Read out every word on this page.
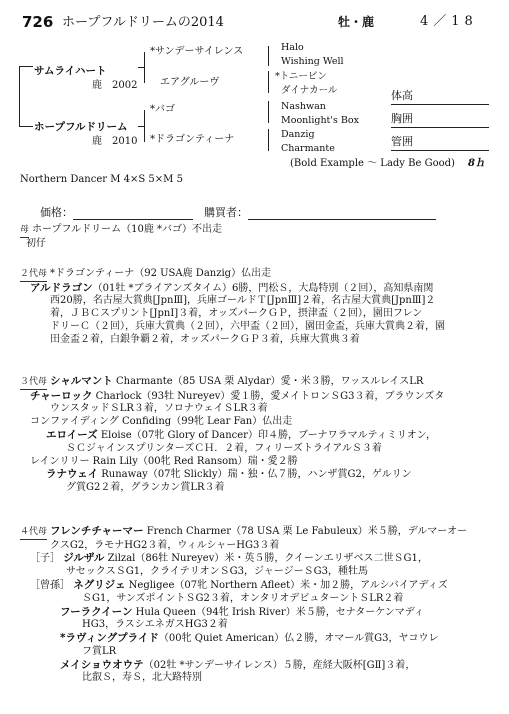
726 ホープフルドリームの2014	牡・鹿	4／18
サムライハート
鹿　2002
ホープフルドリーム
鹿　2010
*サンデーサイレンス
エアグルーヴ
*バゴ
*ドラゴンティーナ
Halo
Wishing Well
*トニービン
ダイナカール
Nashwan
Moonlight's Box
Danzig
Charmante
(Bold Example ～ Lady Be Good) 8ｈ
体高
胸囲
管囲
Northern Dancer M 4×S 5×M 5
価格：	購買者：

母 ホープフルドリーム（10鹿 *バゴ）不出走

初仔

２代母 *ドラゴンティーナ（92 USA鹿 Danzig）仏出走

アルドラゴン（01牡 *ブライアンズタイム）6勝，門松Ｓ，大島特別（２回），高知県南関

西20勝，名古屋大賞典[JpnⅢ]，兵庫ゴールドＴ[JpnⅢ]２着，名古屋大賞典[JpnⅢ]２

着，ＪＢＣスプリント[JpnⅠ]３着，オッズパークＧＰ，摂津盃（２回），園田フレン

ドリーＣ（２回），兵庫大賞典（２回），六甲盃（２回），園田金盃，兵庫大賞典２着，園

田金盃２着，白銀争覇２着，オッズパークＧＰ３着，兵庫大賞典３着

３代母 シャルマント Charmante（85 USA 栗 Alydar）愛・米３勝，ワッスルレイスLR

チャーロック Charlock（93牡 Nureyev）愛１勝，愛メイトロンＳG3３着，ブラウンズタ

ウンスタッドＳLR３着，ソロナウェイＳLR３着

コンファイディング Confiding（99牝 Lear Fan）仏出走

エロイーズ Eloise（07牝 Glory of Dancer）印４勝，ブーナワラマルティミリオン，

ＳＣジャインスプリンターズＣＨ．２着，フィリーズトライアルＳ３着

レインリリー Rain Lily（00牝 Red Ransom）瑞・愛２勝

ラナウェイ Runaway（07牝 Slickly）瑞・独・仏７勝，ハンザ賞G2，ゲルリン

グ賞G2２着，グランカン賞LR３着

４代母 フレンチチャーマー French Charmer（78 USA 栗 Le Fabuleux）米５勝，デルマーオー

クスG2，ラモナHG2３着，ウィルシャーHG3３着

［子］ ジルザル Zilzal（86牡 Nureyev）米・英５勝，クイーンエリザベス二世ＳG1，

サセックスＳG1，クライテリオンＳG3，ジャージーＳG3，種牡馬

［曾孫］ ネグリジェ Negligee（07牝 Northern Afleet）米・加２勝，アルシバイアディズ

ＳG1，サンズポイントＳG2３着，オンタリオデビュターントＳLR２着

フーラクイーン Hula Queen（94牝 Irish River）米５勝，セナターケンマディ

HG3，ラスシエネガスHG3２着

*ラヴィングプライド（00牝 Quiet American）仏２勝，オマール賞G3，ヤコウレ

フ賞LR

メイショウオウテ（02牡 *サンデーサイレンス）５勝，産経大阪杯[GⅡ]３着，

比叡Ｓ，寿Ｓ，北大路特別
